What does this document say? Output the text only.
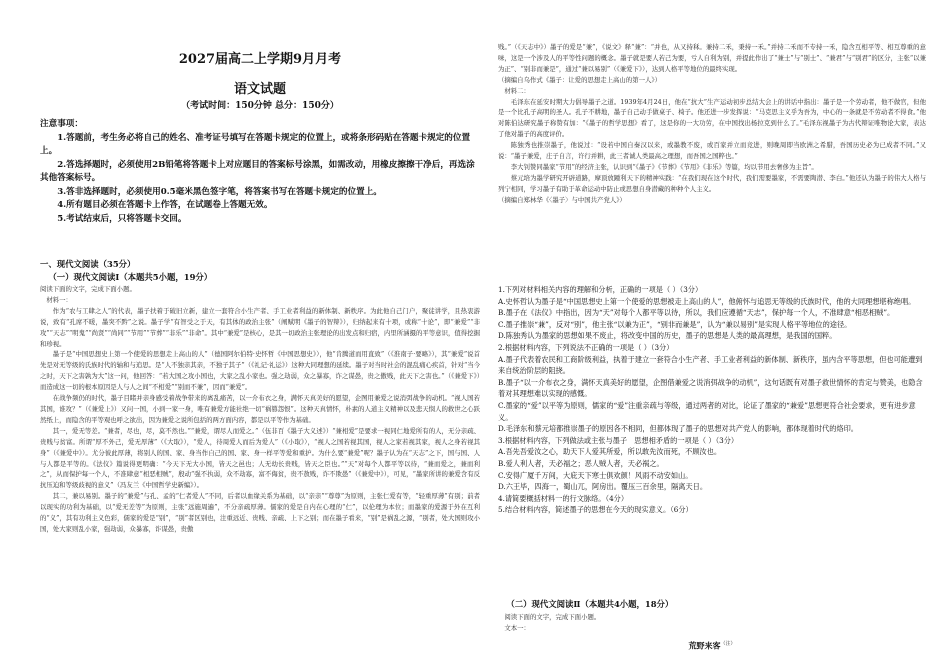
2027届高二上学期9月月考

语文试题

（考试时间：150分钟 总分：150分）

注意事项：

1.答题前，考生务必将自己的姓名、准考证号填写在答题卡规定的位置上，或将条形码贴在答题卡规定的位置上。

2.答选择题时，必须使用2B铅笔将答题卡上对应题目的答案标号涂黑，如需改动，用橡皮擦擦干净后，再选涂其他答案标号。

3.答非选择题时，必须使用0.5毫米黑色签字笔，将答案书写在答题卡规定的位置上。

4.所有题目必须在答题卡上作答，在试题卷上答题无效。

5.考试结束后，只将答题卡交回。

一、现代文阅读（35分）

（一）现代文阅读Ⅰ（本题共5小题，19分）

阅读下面的文字，完成下面小题。

材料一：

作为“农与工肆之人”的代表，墨子扶着于破旧立新，建立一套符合小生产者、手工业者利益的新体制、新秩序。为此他自己门户，聚徒讲学，且热衷游说，致有“孔席不暖，墨突不黔”之说。墨子学“有智受之于天，有其体的政治主张”（阐赋明《墨子的智辩》），归纳起来有十项，或称“十论”，即“兼爱”“非攻”“天志”“明鬼”“尚贤”“尚同”“节用”“节葬”“非乐”“非命”。其中“兼爱”是核心，是其一切政治主张理论的出发点和归宿，内里所涵摄的平等意识，值得挖掘和珍视。

墨子是“中国思想史上第一个使爱的思想走上高山的人”（德国阿尔伯特·史怀哲《中国思想史》），他“肯腾道而用直致”（《淮南子·要略》），其“兼爱”说首先是对无等级的氏族时代的轴和与追思。是“人不独亲其亲，不独子其子”（《礼记·礼运》）这种大同理想的延续。墨子对当时社会的混乱痛心疾首，针对“当今之时，天下之害孰为大”这一问，他回答：“若大国之攻小国也，大家之乱小家也。强之劫弱，众之暴寡，诈之谋愚，贵之傲贱，此天下之害也。”（《兼爱下》）而造成这一切的根本原因是人与人之间“不相爱”“别而不兼”，因而“兼爱”。

在战争频仍的时代，墨子目睹并亲身感受着战争带来的离乱痛苦，以一介布衣之身，满怀天真美好的愿望，企图用兼爱之说消弭战争的动机。“视人国若其国，谁攻？”（《兼爱上》）又问一国，小到一家一身，唯有兼爱方能社绝一切“祸篡怨恨”。这种天真情怀，朴素的人道主义精神以及悲天悯人的救世之心跃然纸上，而隐含的平等观也呼之欲出，因为兼爱之说所包括的两方面内容，都是以平等作为基础。

其一，爱无等差。“兼者，尽也，尽，莫不然也。”“兼爱，谓尽人而爱之。”（伍非百《墨子大义述》）“兼相爱”是要求一视同仁地爱所有的人，无分亲疏、贵贱与贫富。所谓“厚不外己，爱无厚薄”（《大取》），“爱人，待周爱人而后为爱人”（《小取》），“视人之国若视其国，视人之家若视其家，视人之身若视其身”（《兼爱中》）。尤分彼此厚薄，将别人的国、家、身当作自己的国、家、身一样平等爱和重护。为什么要“兼爱”呢？墨子认为在“天志”之下，国与国、人与人都是平等的。《法仪》篇说得更明确：“今天下无大小国，皆天之邑也；人无幼长贵贱，皆天之臣也。”“天”对每个人都平等以待，“兼而爱之，兼而利之”，从而保护每一个人，不准肆意“相恶相贼”，殷动“强不执弱，众不劫寡，富不侮贫，贵不敖贱，诈不欺愚”（《兼爱中》），可见，“墨家所讲的兼爱含有反抗压迫和等级歧视的意义”（冯友兰《中国哲学史新编》）。

其二，兼以易别。墨子的“兼爱”与孔、孟的“仁者爱人”不同，后者以血缘关系为基础，以“亲亲”“尊尊”为原则，主张仁爱有等，“轻重厚薄”有别；前者以现实的功利为基础，以“爱无差等”为原则，主张“远施周遍”，不分亲疏厚薄。儒家的爱是自内在心理的“仁”，以伦理为本位；而墨家的爱源于外在互利的“义”，其有功利主义色彩，儒家的爱是“别”，“别”者区别也，注重远近、贵贱、亲疏、上下之别；而在墨子看来，“别”是祸乱之源，“别者，处大国则攻小国，处大家则乱小家，强劫弱，众暴寡，诈谋愚，贵傲

贱。”（《天志中》）墨子的爱是“兼”，《说文》释“兼”：“并也，从又持秝。兼持二禾，秉持一禾。”并持二禾而不专持一禾，隐含互相平等、相互尊重的意味，这是一个涉及人的平等性问题的概念。墨子就是要人若己为要，亏人自利为别，并提此作出了“兼士”与“别士”、“兼君”与“别君”的区分，主张“以兼为正”、“别非而兼是”，通过“兼以易别”（《兼爱下》），达到人格平等地位的最终实现。

（摘编自乌作式《墨子：让爱的思想走上高山的第一人》）

材料二：

毛泽东在延安时期大力倡导墨子之道。1939年4月24日，他在“抗大”生产运动初步总结大会上的讲话中指出：墨子是一个劳动者，他不做官，但他是一个比孔子高明的圣人。孔子不耕地，墨子自己动手做桌子、椅子。他还进一步发挥说：“马克思主义乎为吾为，中心的一条就是不劳动者不得食。”他对陈伯达研究墨子称赞有加：“《墨子的哲学思想》看了，这是你的一大功劳，在中国找出杨拉克到什么了。”毛泽东视墨子为古代辩证唯物论大家，表达了他对墨子的高度评价。

陈独秀也推崇墨子，他说过：“设若中国自秦汉以来，或墨教不废，或百家并立而竞进，则晚周即当欧洲之希腊，吾国历史必为已成者不同。”又说：“墨子兼爱，庄子自言，许行并耕，此三者诚人类最高之理想，而吾国之国粹也。”

李大钊赞同墨家“节用”的经济主张，认识到“《墨子》《节葬》《节用》《非乐》等篇，均以节用去奢侈为主旨”。

蔡元培为墨学研究开辟道路，摩顶放踵利天下的精神实践：“在我们现在这个时代，我们需要墨家，不需要陶潜、李白。”他还认为墨子的伟大人格与列宁相同，学习墨子有助于革命运动中防止或思想自身潜藏的种种个人主义。

（摘编自郑林华《〈墨子〉与中国共产党人》）

1.下列对材料相关内容的理解和分析，正确的一项是（ ）（3分）

A.史怀哲认为墨子是“中国思想史上第一个使爱的思想被走上高山的人”，他俯怀与追思无等级的氏族时代，他的大同理想堪称绝唱。

B.墨子在《法仪》中指出，因为“天”对每个人都平等以待，所以，我们应遵循“天志”，保护每一个人，不准肆意“相恶相贼”。

C.墨子推崇“兼”，反对“别”，他主张“以兼为正”，“别非而兼是”，认为“兼以易别”是实现人格平等地位的途径。

D.陈独秀认为墨家的思想如果不废止，将改变中国的历史，墨子的思想是人类的最高理想，是我国的国粹。

2.根据材料内容，下列说法不正确的一项是（ ）（3分）

A.墨子代表着农民和工商阶级利益，执着于建立一套符合小生产者、手工业者利益的新体制、新秩序，虽内含平等思想，但也可能遭到来自统治阶层的阻挠。

B.墨子“以一介布衣之身，满怀天真美好的愿望，企图借兼爱之说消弭战争的动机”，这句话既有对墨子救世情怀的肯定与赞美，也隐含着对其理想难以实现的感慨。

C.墨家的“爱”以平等为原则，儒家的“爱”注重亲疏与等级，通过两者的对比，论证了墨家的“兼爱”思想更符合社会要求，更有进步意义。

D.毛泽东和蔡元培都推崇墨子的原因各不相同，但都体现了墨子的思想对共产党人的影响，都体现着时代的烙印。

3.根据材料内容，下列做法或主张与墨子　思想相矛盾的一项是（ ）（3分）

A.吾先吾爱汝之心，助天下人爱其所爱，所以敢先汝而死，不顾汝也。

B.爱人利人者，天必福之；恶人贼人者，天必祸之。

C.安得广厦千万间，大庇天下寒士俱欢颜！风雨不动安如山。

D.六王毕，四海一，蜀山兀，阿房出。覆压三百余里，隔离天日。

4.请简要概括材料一的行文脉络。（4分）

5.结合材料内容，简述墨子的思想在今天的现实意义。（6分）

（二）现代文阅读Ⅱ（本题共4小题，18分）

阅读下面的文字，完成下面小题。

文本一：

荒野来客$^{(注)}$
